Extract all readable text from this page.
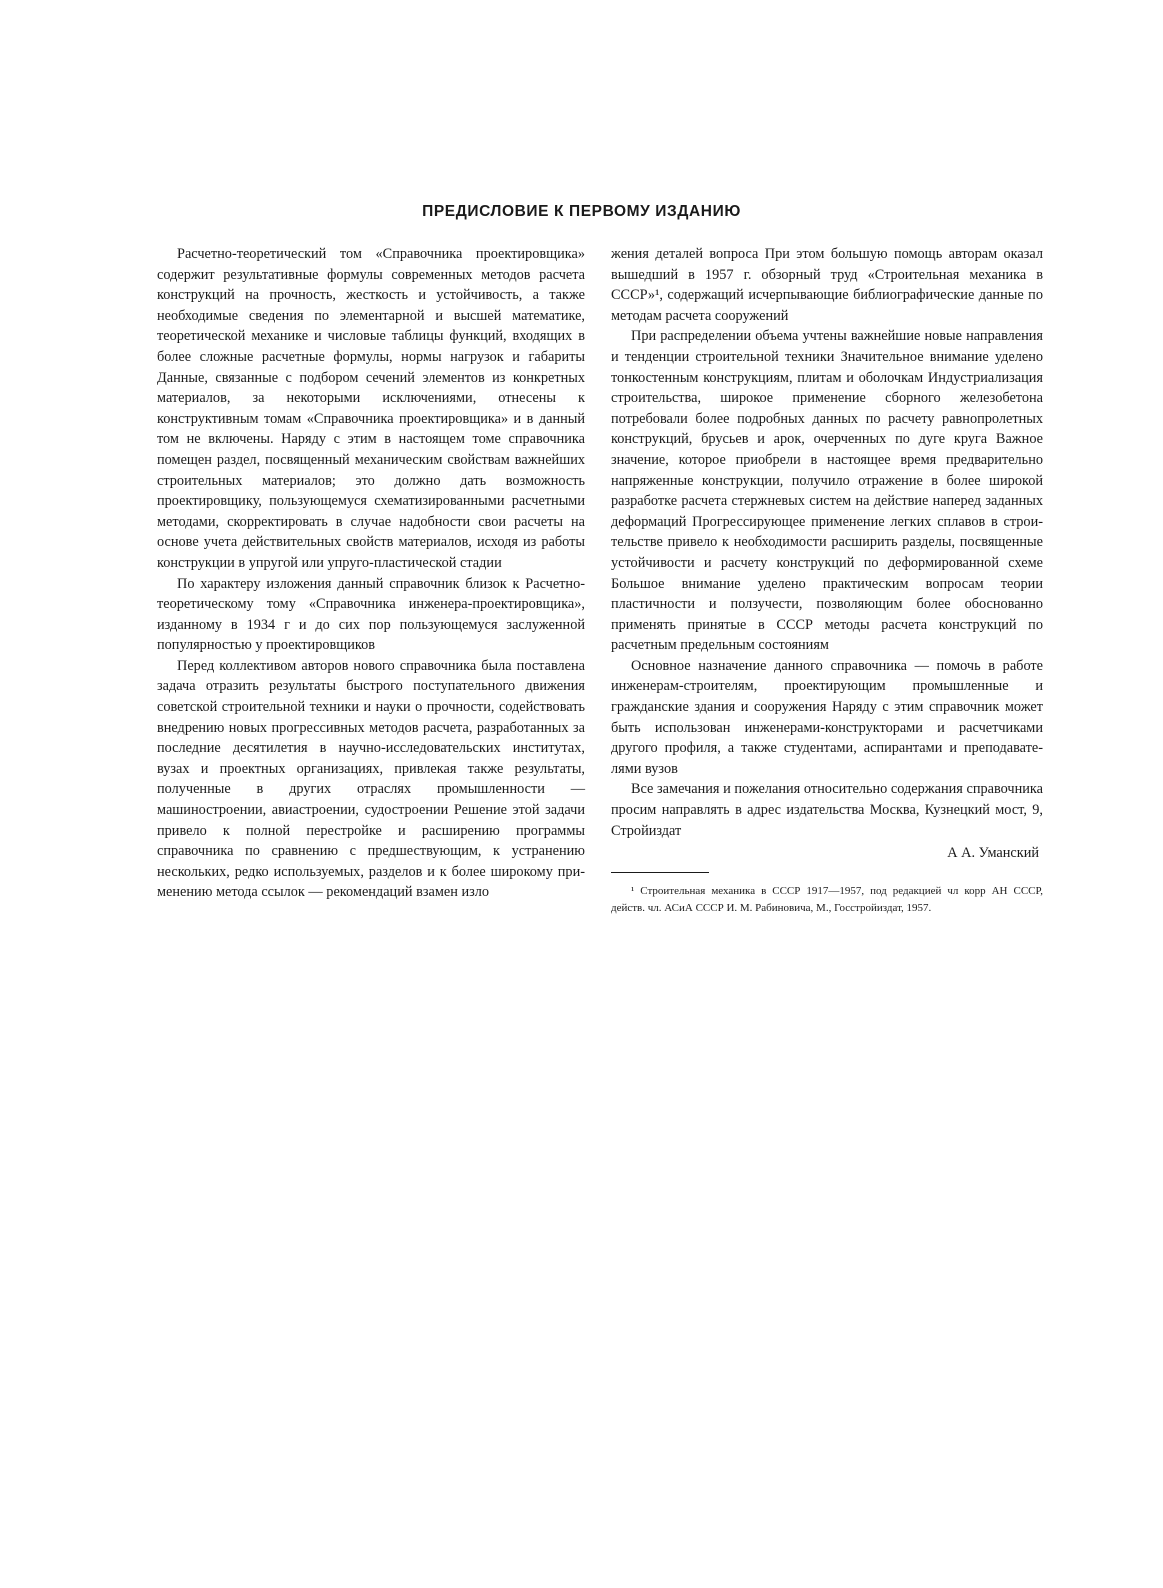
ПРЕДИСЛОВИЕ К ПЕРВОМУ ИЗДАНИЮ

Расчетно-теоретический том «Справочника проектировщика» содержит результативные формулы современных методов расчета конструкций на прочность, жесткость и устойчивость, а также необходимые сведения по элементарной и высшей математике, теоретической механике и числовые таблицы функций, входящих в более сложные расчетные формулы, нормы нагрузок и габариты Данные, связанные с подбором сечений элементов из конкретных материалов, за некоторыми исключениями, отнесены к конструктивным томам «Справочника проектировщика» и в данный том не включены. Наряду с этим в настоящем томе справочника помещен раздел, посвященный механическим свойствам важнейших строительных материалов; это должно дать возможность проектировщику, пользующемуся схематизированными расчетными методами, скорректировать в случае надобности свои расчеты на основе учета действительных свойств материалов, исходя из работы конструкции в упругой или упруго-пластической стадии

По характеру изложения данный справочник близок к Расчетно-теоретическому тому «Справочника инженера-проектировщика», изданному в 1934 г и до сих пор пользующемуся заслуженной популярностью у проектировщиков

Перед коллективом авторов нового справочника была поставлена задача отразить результаты быстрого поступательного движения советской строительной техники и науки о прочности, содействовать внедрению новых прогрессивных методов расчета, разработанных за последние десятилетия в научно-исследовательских институтах, вузах и проектных организациях, привлекая также результаты, полученные в других отраслях промышленности — машиностроении, авиастроении, судостроении Решение этой задачи привело к полной перестройке и расширению программы справочника по сравнению с предшествующим, к устранению нескольких, редко используемых, разделов и к более широкому применению метода ссылок — рекомендаций взамен изло

жения деталей вопроса При этом большую помощь авторам оказал вышедший в 1957 г. обзорный труд «Строительная механика в СССР»¹, содержащий исчерпывающие библиографические данные по методам расчета сооружений

При распределении объема учтены важнейшие новые направления и тенденции строительной техники Значительное внимание уделено тонкостенным конструкциям, плитам и оболочкам Индустриализация строительства, широкое применение сборного железобетона потребовали более подробных данных по расчету равнопролетных конструкций, брусьев и арок, очерченных по дуге круга Важное значение, которое приобрели в настоящее время предварительно напряженные конструкции, получило отражение в более широкой разработке расчета стержневых систем на действие наперед заданных деформаций Прогрессирующее применение легких сплавов в строительстве привело к необходимости расширить разделы, посвященные устойчивости и расчету конструкций по деформированной схеме Большое внимание уделено практическим вопросам теории пластичности и ползучести, позволяющим более обоснованно применять принятые в СССР методы расчета конструкций по расчетным предельным состояниям

Основное назначение данного справочника — помочь в работе инженерам-строителям, проектирующим промышленные и гражданские здания и сооружения Наряду с этим справочник может быть использован инженерами-конструкторами и расчетчиками другого профиля, а также студентами, аспирантами и преподавателями вузов

Все замечания и пожелания относительно содержания справочника просим направлять в адрес издательства Москва, Кузнецкий мост, 9, Стройиздат

А А. Уманский

¹ Строительная механика в СССР 1917—1957, под редакцией чл корр АН СССР, действ. чл. АСиА СССР И. М. Рабиновича, М., Госстройиздат, 1957.
